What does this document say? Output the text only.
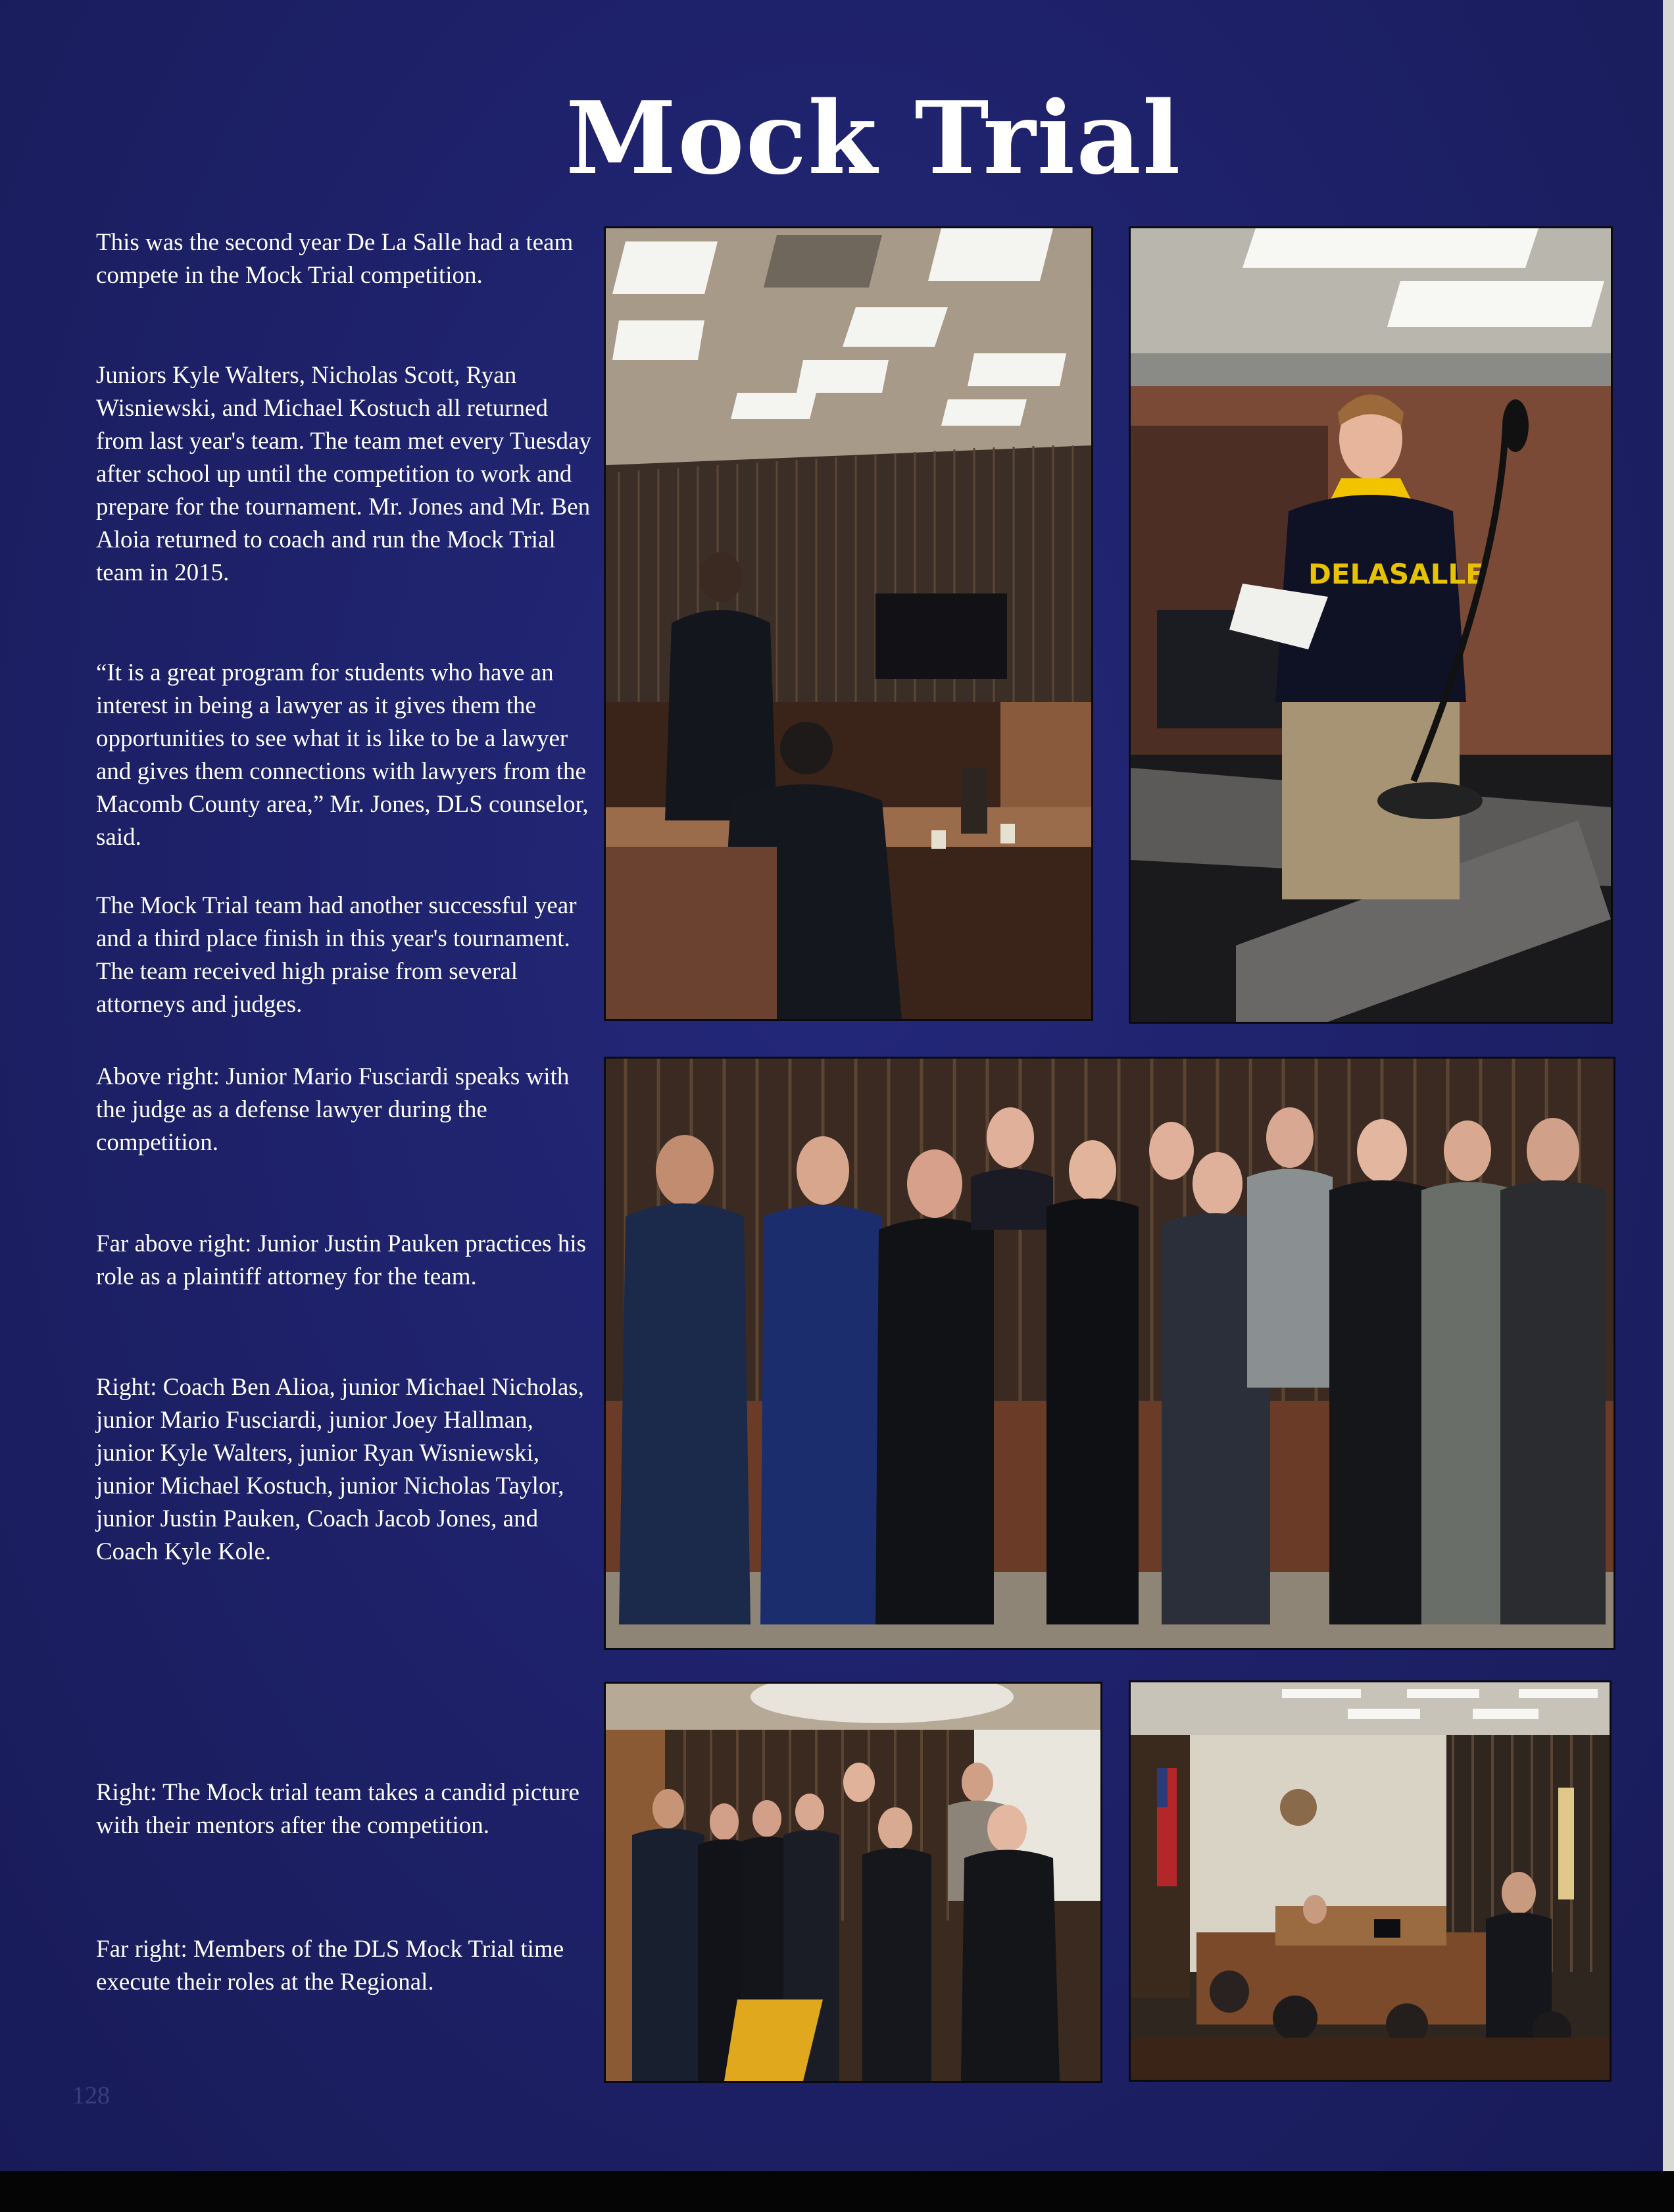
Mock Trial

This was the second year De La Salle had a team compete in the Mock Trial competition.

Juniors Kyle Walters, Nicholas Scott, Ryan Wisniewski, and Michael Kostuch all returned from last year's team. The team met every Tuesday after school up until the competition to work and prepare for the tournament. Mr. Jones and Mr. Ben Aloia returned to coach and run the Mock Trial team in 2015.

“It is a great program for students who have an interest in being a lawyer as it gives them the opportunities to see what it is like to be a lawyer and gives them connections with lawyers from the Macomb County area,” Mr. Jones, DLS counselor, said.

The Mock Trial team had another successful year and a third place finish in this year's tournament. The team received high praise from several attorneys and judges.

Above right: Junior Mario Fusciardi speaks with the judge as a defense lawyer during the competition.

Far above right: Junior Justin Pauken practices his role as a plaintiff attorney for the team.

Right: Coach Ben Alioa, junior Michael Nicholas, junior Mario Fusciardi, junior Joey Hallman, junior Kyle Walters, junior Ryan Wisniewski, junior Michael Kostuch, junior Nicholas Taylor, junior Justin Pauken, Coach Jacob Jones, and Coach Kyle Kole.

Right: The Mock trial team takes a candid picture with their mentors after the competition.

Far right: Members of the DLS Mock Trial time execute their roles at the Regional.

DELASALLE
128
